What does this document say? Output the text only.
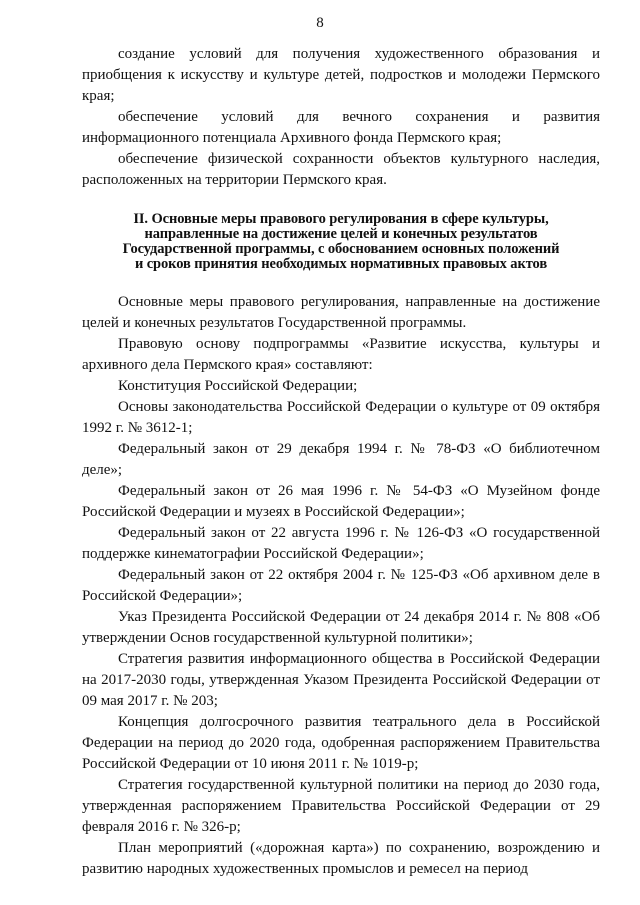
8

создание условий для получения художественного образования и приобщения к искусству и культуре детей, подростков и молодежи Пермского края;

обеспечение условий для вечного сохранения и развития информационного потенциала Архивного фонда Пермского края;

обеспечение физической сохранности объектов культурного наследия, расположенных на территории Пермского края.

II. Основные меры правового регулирования в сфере культуры,
направленные на достижение целей и конечных результатов
Государственной программы, с обоснованием основных положений
и сроков принятия необходимых нормативных правовых актов

Основные меры правового регулирования, направленные на достижение целей и конечных результатов Государственной программы.

Правовую основу подпрограммы «Развитие искусства, культуры и архивного дела Пермского края» составляют:

Конституция Российской Федерации;

Основы законодательства Российской Федерации о культуре от 09 октября 1992 г. № 3612-1;

Федеральный закон от 29 декабря 1994 г. № 78-ФЗ «О библиотечном деле»;

Федеральный закон от 26 мая 1996 г. № 54-ФЗ «О Музейном фонде Российской Федерации и музеях в Российской Федерации»;

Федеральный закон от 22 августа 1996 г. № 126-ФЗ «О государственной поддержке кинематографии Российской Федерации»;

Федеральный закон от 22 октября 2004 г. № 125-ФЗ «Об архивном деле в Российской Федерации»;

Указ Президента Российской Федерации от 24 декабря 2014 г. № 808 «Об утверждении Основ государственной культурной политики»;

Стратегия развития информационного общества в Российской Федерации на 2017-2030 годы, утвержденная Указом Президента Российской Федерации от 09 мая 2017 г. № 203;

Концепция долгосрочного развития театрального дела в Российской Федерации на период до 2020 года, одобренная распоряжением Правительства Российской Федерации от 10 июня 2011 г. № 1019-р;

Стратегия государственной культурной политики на период до 2030 года, утвержденная распоряжением Правительства Российской Федерации от 29 февраля 2016 г. № 326-р;

План мероприятий («дорожная карта») по сохранению, возрождению и развитию народных художественных промыслов и ремесел на период
